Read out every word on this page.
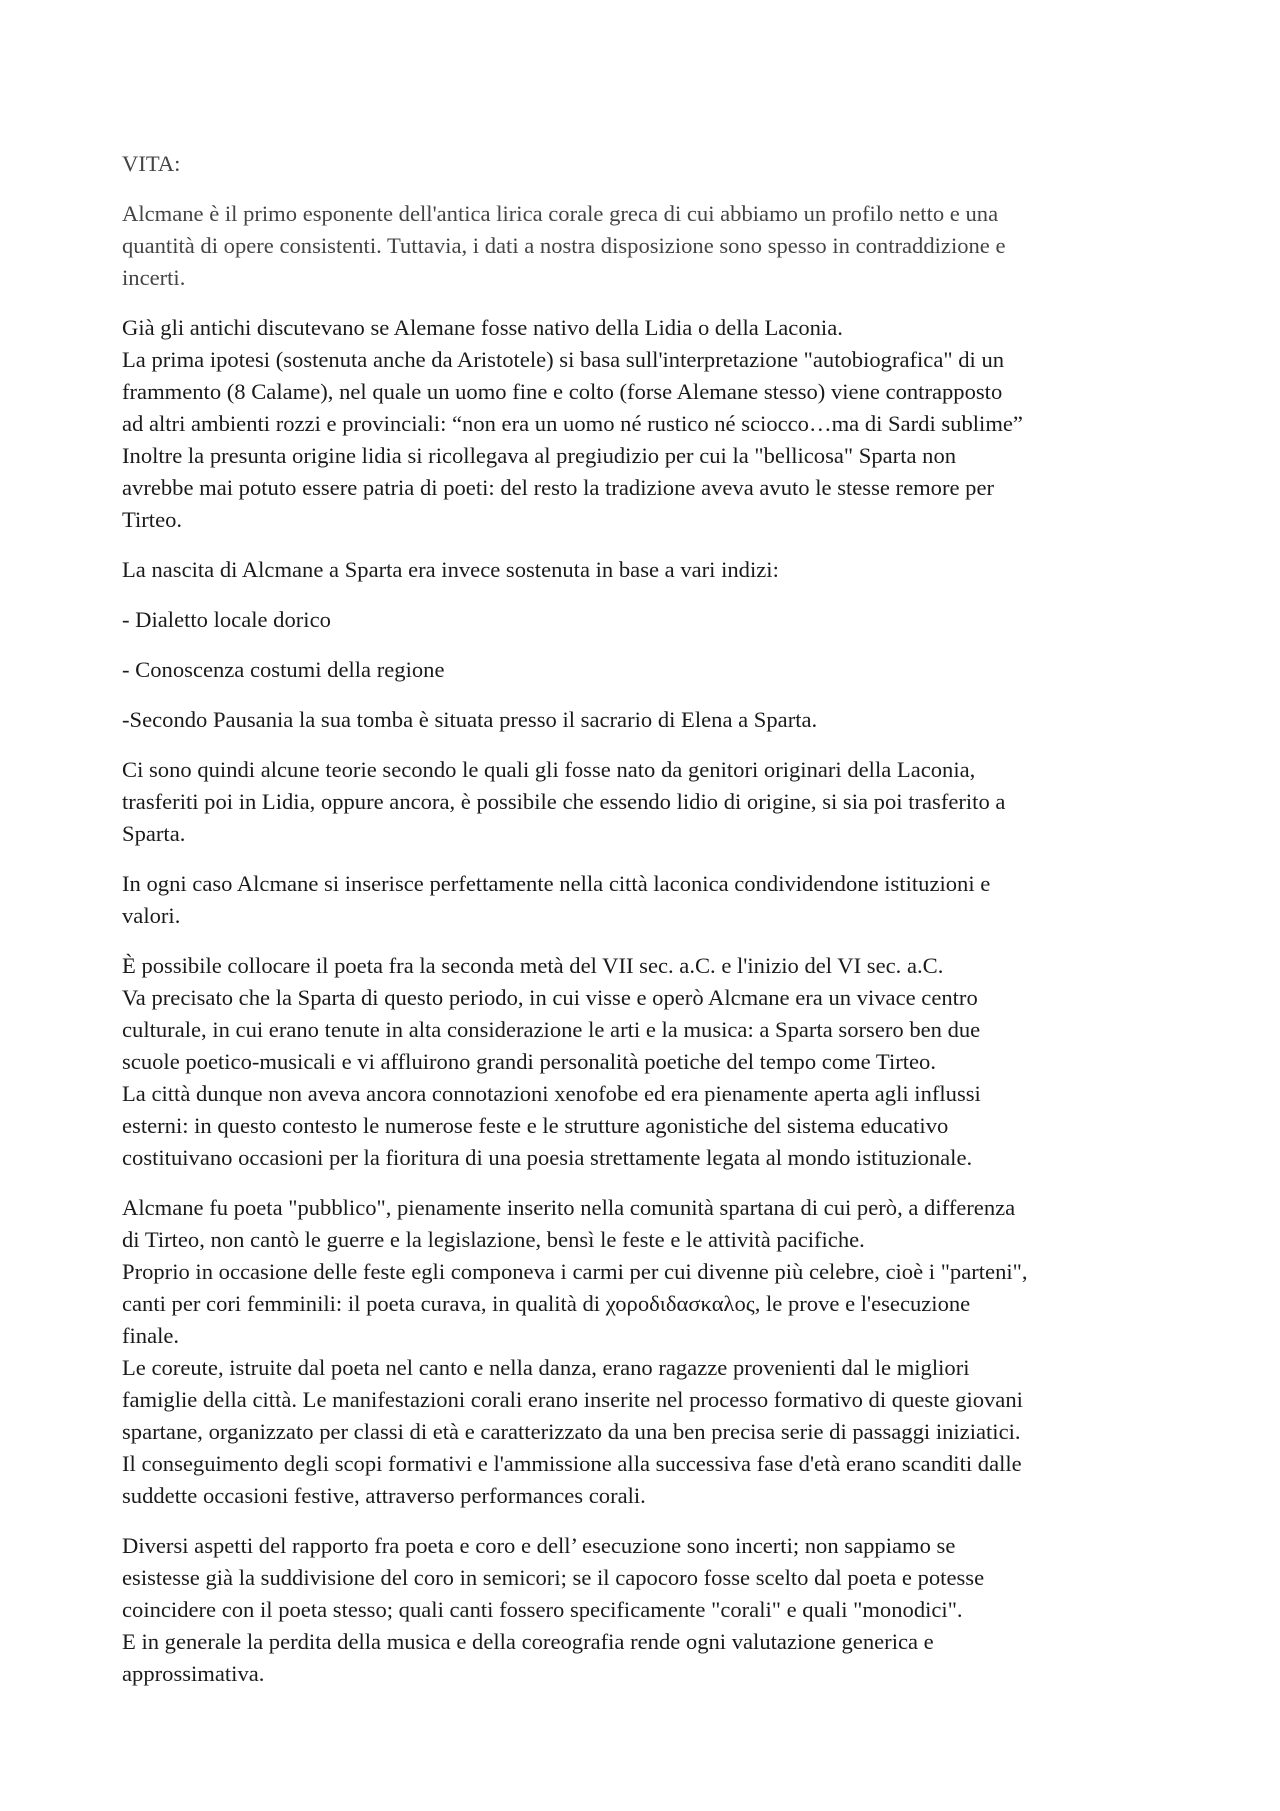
VITA:

Alcmane è il primo esponente dell'antica lirica corale greca di cui abbiamo un profilo netto e una
quantità di opere consistenti. Tuttavia, i dati a nostra disposizione sono spesso in contraddizione e
incerti.

Già gli antichi discutevano se Alemane fosse nativo della Lidia o della Laconia.
La prima ipotesi (sostenuta anche da Aristotele) si basa sull'interpretazione "autobiografica" di un
frammento (8 Calame), nel quale un uomo fine e colto (forse Alemane stesso) viene contrapposto
ad altri ambienti rozzi e provinciali: “non era un uomo né rustico né sciocco…ma di Sardi sublime”
Inoltre la presunta origine lidia si ricollegava al pregiudizio per cui la "bellicosa" Sparta non
avrebbe mai potuto essere patria di poeti: del resto la tradizione aveva avuto le stesse remore per
Tirteo.

La nascita di Alcmane a Sparta era invece sostenuta in base a vari indizi:

- Dialetto locale dorico

- Conoscenza costumi della regione

-Secondo Pausania la sua tomba è situata presso il sacrario di Elena a Sparta.

Ci sono quindi alcune teorie secondo le quali gli fosse nato da genitori originari della Laconia,
trasferiti poi in Lidia, oppure ancora, è possibile che essendo lidio di origine, si sia poi trasferito a
Sparta.

In ogni caso Alcmane si inserisce perfettamente nella città laconica condividendone istituzioni e
valori.

È possibile collocare il poeta fra la seconda metà del VII sec. a.C. e l'inizio del VI sec. a.C.
Va precisato che la Sparta di questo periodo, in cui visse e operò Alcmane era un vivace centro
culturale, in cui erano tenute in alta considerazione le arti e la musica: a Sparta sorsero ben due
scuole poetico-musicali e vi affluirono grandi personalità poetiche del tempo come Tirteo.
La città dunque non aveva ancora connotazioni xenofobe ed era pienamente aperta agli influssi
esterni: in questo contesto le numerose feste e le strutture agonistiche del sistema educativo
costituivano occasioni per la fioritura di una poesia strettamente legata al mondo istituzionale.

Alcmane fu poeta "pubblico", pienamente inserito nella comunità spartana di cui però, a differenza
di Tirteo, non cantò le guerre e la legislazione, bensì le feste e le attività pacifiche.
Proprio in occasione delle feste egli componeva i carmi per cui divenne più celebre, cioè i "parteni",
canti per cori femminili: il poeta curava, in qualità di χοροδιδασκαλος, le prove e l'esecuzione
finale.
Le coreute, istruite dal poeta nel canto e nella danza, erano ragazze provenienti dal le migliori
famiglie della città. Le manifestazioni corali erano inserite nel processo formativo di queste giovani
spartane, organizzato per classi di età e caratterizzato da una ben precisa serie di passaggi iniziatici.
Il conseguimento degli scopi formativi e l'ammissione alla successiva fase d'età erano scanditi dalle
suddette occasioni festive, attraverso performances corali.

Diversi aspetti del rapporto fra poeta e coro e dell’ esecuzione sono incerti; non sappiamo se
esistesse già la suddivisione del coro in semicori; se il capocoro fosse scelto dal poeta e potesse
coincidere con il poeta stesso; quali canti fossero specificamente "corali" e quali "monodici".
E in generale la perdita della musica e della coreografia rende ogni valutazione generica e
approssimativa.
